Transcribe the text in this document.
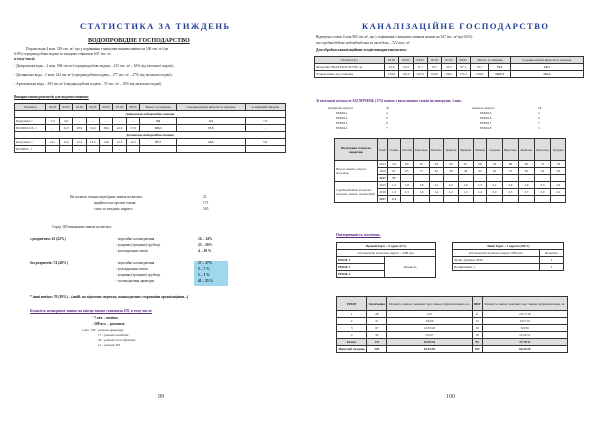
СТАТИСТИКА ЗА ТИЖДЕНЬ
ВОДОПРОВІДНЕ ГОСПОДАРСТВО
Подано води 4 млн. 529 тис. м³, що у порівнянні з минулим тижнем менше на 106 тис. м³ (на
6,9%) середньодобова подача за тиждень становила 647 тис. м³,
в тому числі:
- Дніпровська вода – 2 млн. 904 тис.м³ (середньодобова подача – 415 тис. м³ – 63% від загальної подачі);
- Деснянська вода – 1 млн. 242 тис.м³ (середньодобова подача – 177 тис. м³ – 27% від загальної подачі);
- Артезіанська вода – 383 тис.м³ (середньодобова подача – 55 тис. м³ – 10% від загальної подачі)
Використання реагентів для водопостачання:
Реагенти	02.05	03.05	04.05	05.05	06.05	07.05	08.05	Всього за тиждень	Середньодобові витрати за тиждень	за минулий тиждень
Дніпровська водопровідна станція										
Коагулянт, т	7,0	2,0	-	-	-	-	-	9,0	4,5	7,3
ПОЛІХЛ.СЛ., т	-	11,8	18,9	19,0	18,6	16,9	17,8	103,1	17,5	-
Деснянська водопровідна станція										
Коагулянт, т	10,1	11,0	12,2	13,2	14,0	12,5	14,3	87,7	12,5	9,9
ПОЛІХЛ., т	-	-	-	-	-	-	-	-	-	-
На початок тижня перехідних заявок на витікп:	21
надійшло на протязі тижня	171
з них за тиждень закрито	165
Серед 185 виконаних заявок на витікп:
з розриттям: 41 (22%)	- корозійні пошкодження	14 – 34%
- розриви (тріщини) трубопр.	23 – 56%
- розладнання стиків	4 – 10 %
без розриттів: 74 (40%)	- корозійні пошкодження	27 – 37%
- розладнання стиків	5 – 7 %
- розриви (тріщини) трубопр.	1 – 1 %
- пошкодження арматури	41 – 55 %
* інші витікп: 70 (38%) – (найб. на відомчих мережах, пошкоджених сторонніми організаціями...)
Кількість незакритих заявок на кінець тижня становила 478, в тому числі:
- 7 авт. – витікп;
- 208 вст. – ремонти;
з них: 158 – ремонт арматури;
17 – ремонт колодязів;
59 – ремонт пожгідрантів;
14 – ремонт ПЛ
99
КАНАЛІЗАЦІЙНЕ ГОСПОДАРСТВО
Відведено стоків 4 млн 982 тис.м³, що у порівнянні з минулим тижнем менше на 527 тис. м³ (на 9,6%)
та середньодобове водовідведення за тиждень – 712 тис. м³
Для обробки каналізаційних осадів використовувалось:
Реагенти (т)	02.05	03.05	04.05	05.05	07.05	08.05	Всього за тиждень		Середньодобові витрати за тиждень
Флокулянт PRAESTOL 853 BC, кг	15,0	10,4	11,7	10,7	10,5	97,1	10,7	75,3	10,3
Хлорне вапно на установку	159,0	143,0	107,0	106,0	159,1	171,2	149,0	1047,3	132,2
Зі загальної кількості ЗАСМІЧЕНЬ (175) заявок з вилученням стоків на поверхню, з них:
внутрішні мережі	25
РЕКМ-1	4
РЕКМ-2	0
РЕКМ-3	6
РЕКМ-4	7
зовнішні мережі	18
РЕКМ-5	2
РЕКМ-6	4
РЕКМ-7	7
РЕКМ-8	5
Вилучення стоків на поверхню	Роки	Січень	Лютий	Березень	Квітень	Травень	Червень	Липень	Серпень	Вересень	Жовтень	Листопад	Грудень
Всього заявок, штуки/тиждень	2015	44	69	55	63	69	67	68	63	98	99	75	78
	2016	61	63	71	42	38	46	42	62	75	83	64	58
	2017	57											
Середньодобова кількість вилучень заявок, штуки/добу	2015	1,3	1,8	1,8	2,1	2,2	1,6	1,3	2,1	2,9	1,9	2,3	2,6
	2016	1,3	1,5	1,6	1,4	1,2	1,3	1,4	2,0	2,5	2,7	2,0	2,2
	2017	2,1											
Повторюваність засмічень:
Правий берег – 0 адрес (0%)
від кількості засмічень мереж – 0/88 шт.
РЕКМ-1	Кількість
РЕКМ-2
РЕКМ-3
Лівий берег – 2 адреси (100%)	
від кількості засмічень мереж 0/89 шт.	Кількість
Злуки, будинок 18/29	2
Помирбанків, 1	2
РЕКМ	Засмічення	Кількість заявок/ днешних черг заявок/ відремонтовано, ш.	ШІР	Кількість заявок/ днешних черг заявок/ відремонтовано, ш.
1	28	0/0	11	10/17/16
2	21	3/4/60	13	9/27/10
3	67	12/53/43	30	6/9/36
4	59	2/3/27	18	12/24/51
Разом:	175	20/29/18	95	37/78/11
Минулий тиждень	205	40/44/59	109	64/29/28
100
